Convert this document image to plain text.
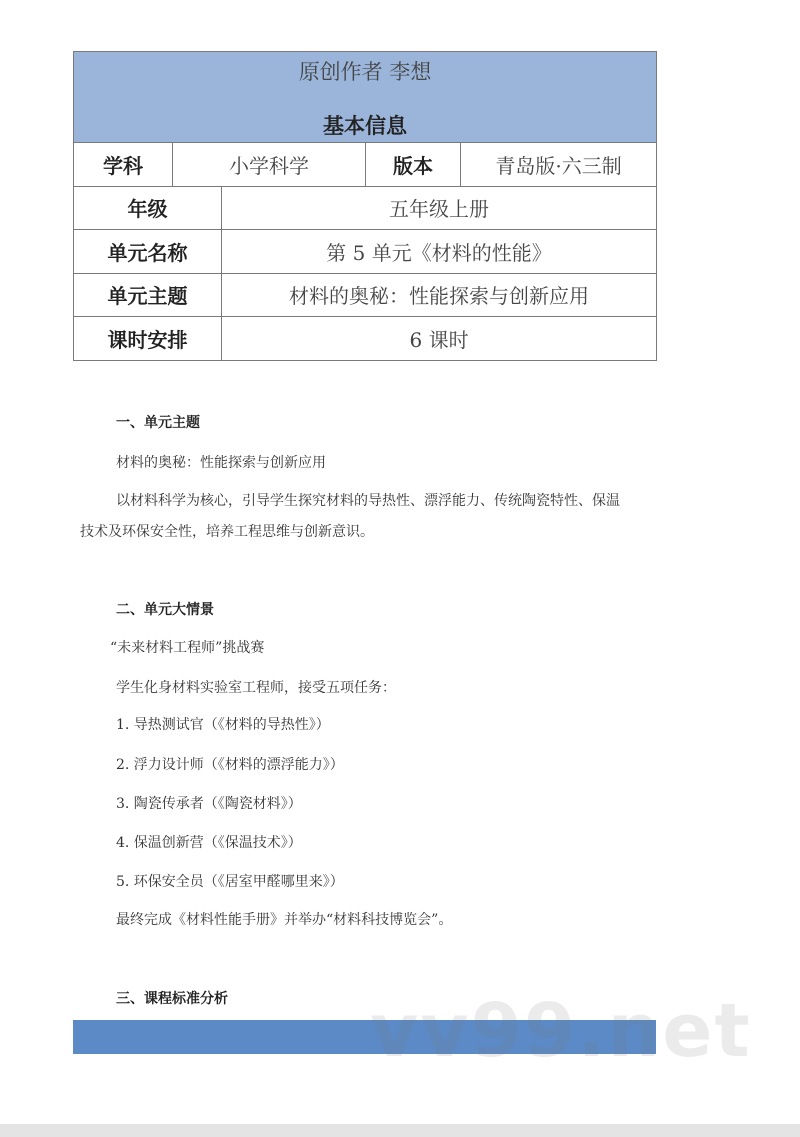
原创作者 李想
基本信息				

学科	小学科学		版本	青岛版·六三制
年级		五年级上册		
单元名称		第 5 单元《材料的性能》		
单元主题		材料的奥秘：性能探索与创新应用		
课时安排		6 课时		
一、单元主题
材料的奥秘：性能探索与创新应用
以材料科学为核心，引导学生探究材料的导热性、漂浮能力、传统陶瓷特性、保温
技术及环保安全性，培养工程思维与创新意识。
二、单元大情景
“未来材料工程师”挑战赛
学生化身材料实验室工程师，接受五项任务：
1. 导热测试官（《材料的导热性》）
2. 浮力设计师（《材料的漂浮能力》）
3. 陶瓷传承者（《陶瓷材料》）
4. 保温创新营（《保温技术》）
5. 环保安全员（《居室甲醛哪里来》）
最终完成《材料性能手册》并举办“材料科技博览会”。
三、课程标准分析 vv99.net
